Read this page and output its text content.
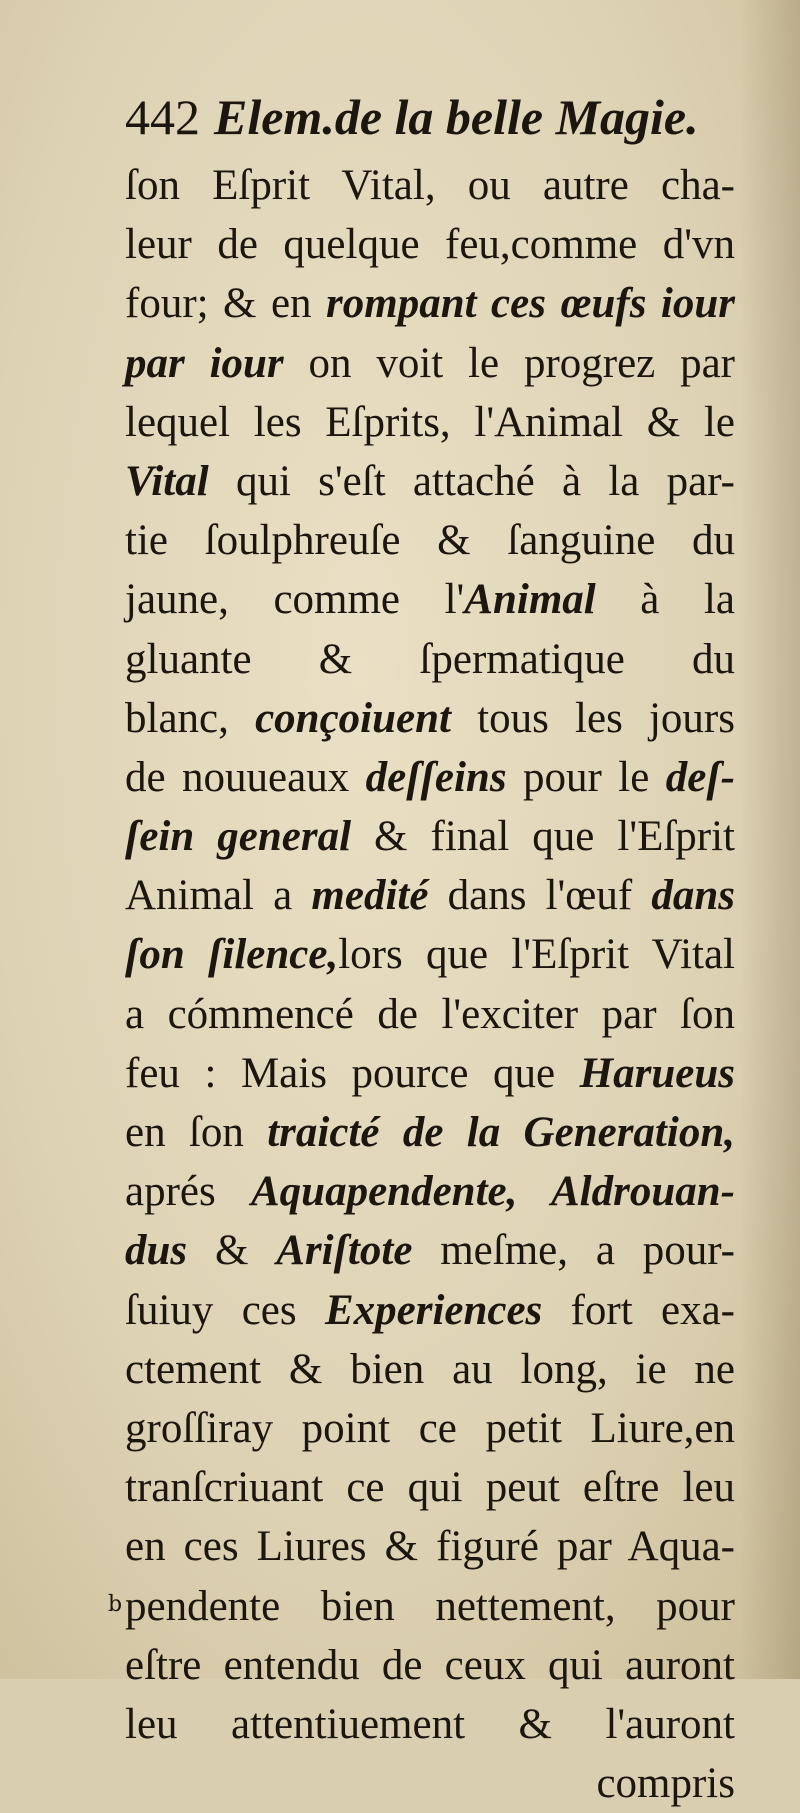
442 Elem.de la belle Magie.
ſon Eſprit Vital, ou autre cha-
leur de quelque feu,comme d'vn
four; & en rompant ces œufs iour
par iour on voit le progrez par
lequel les Eſprits, l'Animal & le
Vital qui s'eſt attaché à la par-
tie ſoulphreuſe & ſanguine du
jaune, comme l'Animal à la
gluante & ſpermatique du
blanc, conçoiuent tous les jours
de nouueaux deſſeins pour le deſ-
ſein general & final que l'Eſprit
Animal a medité dans l'œuf dans
ſon ſilence,lors que l'Eſprit Vital
a cómmencé de l'exciter par ſon
feu : Mais pource que Harueus
en ſon traicté de la Generation,
aprés Aquapendente, Aldrouan-
dus & Ariſtote meſme, a pour-
ſuiuy ces Experiences fort exa-
ctement & bien au long, ie ne
groſſiray point ce petit Liure,en
tranſcriuant ce qui peut eſtre leu
en ces Liures & figuré par Aqua-
pendente bien nettement, pour
eſtre entendu de ceux qui auront
leu attentiuement & l'auront
compris
b
